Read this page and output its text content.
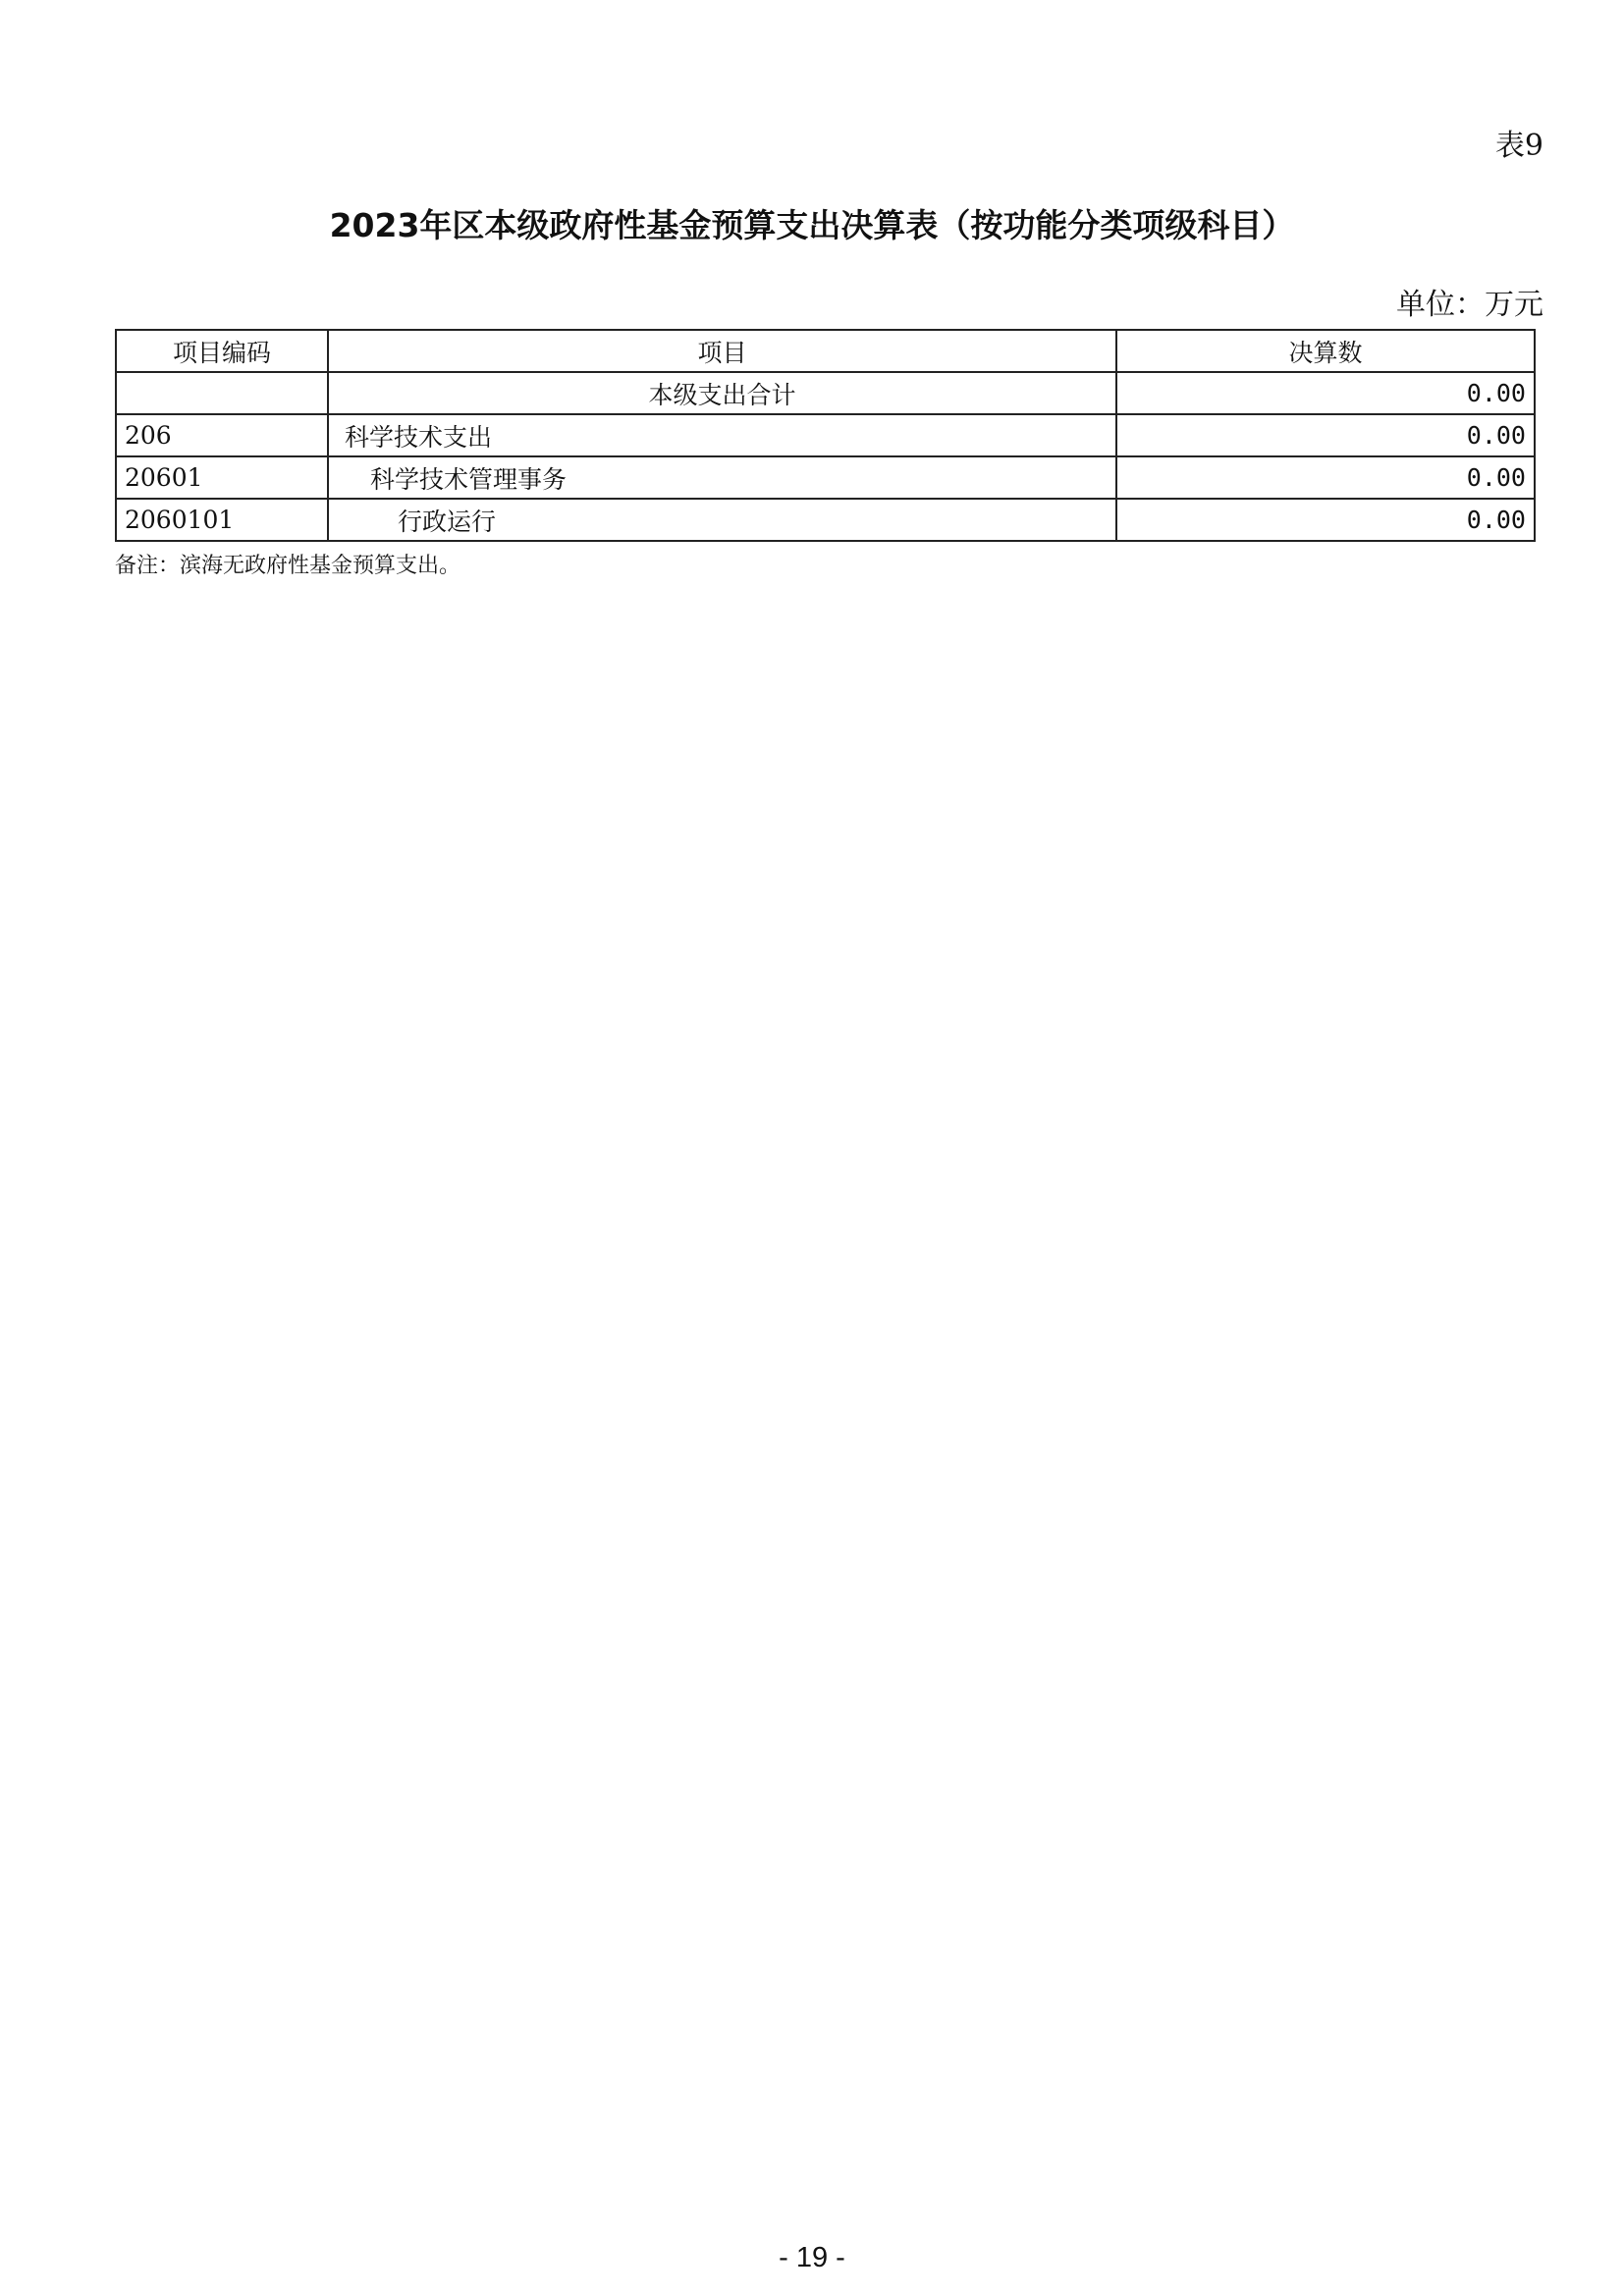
表9
2023年区本级政府性基金预算支出决算表（按功能分类项级科目）
单位：万元
项目编码	项目	决算数
	本级支出合计	0.00
206	科学技术支出	0.00
20601	科学技术管理事务	0.00
2060101	行政运行	0.00
备注：滨海无政府性基金预算支出。
- 19 -
